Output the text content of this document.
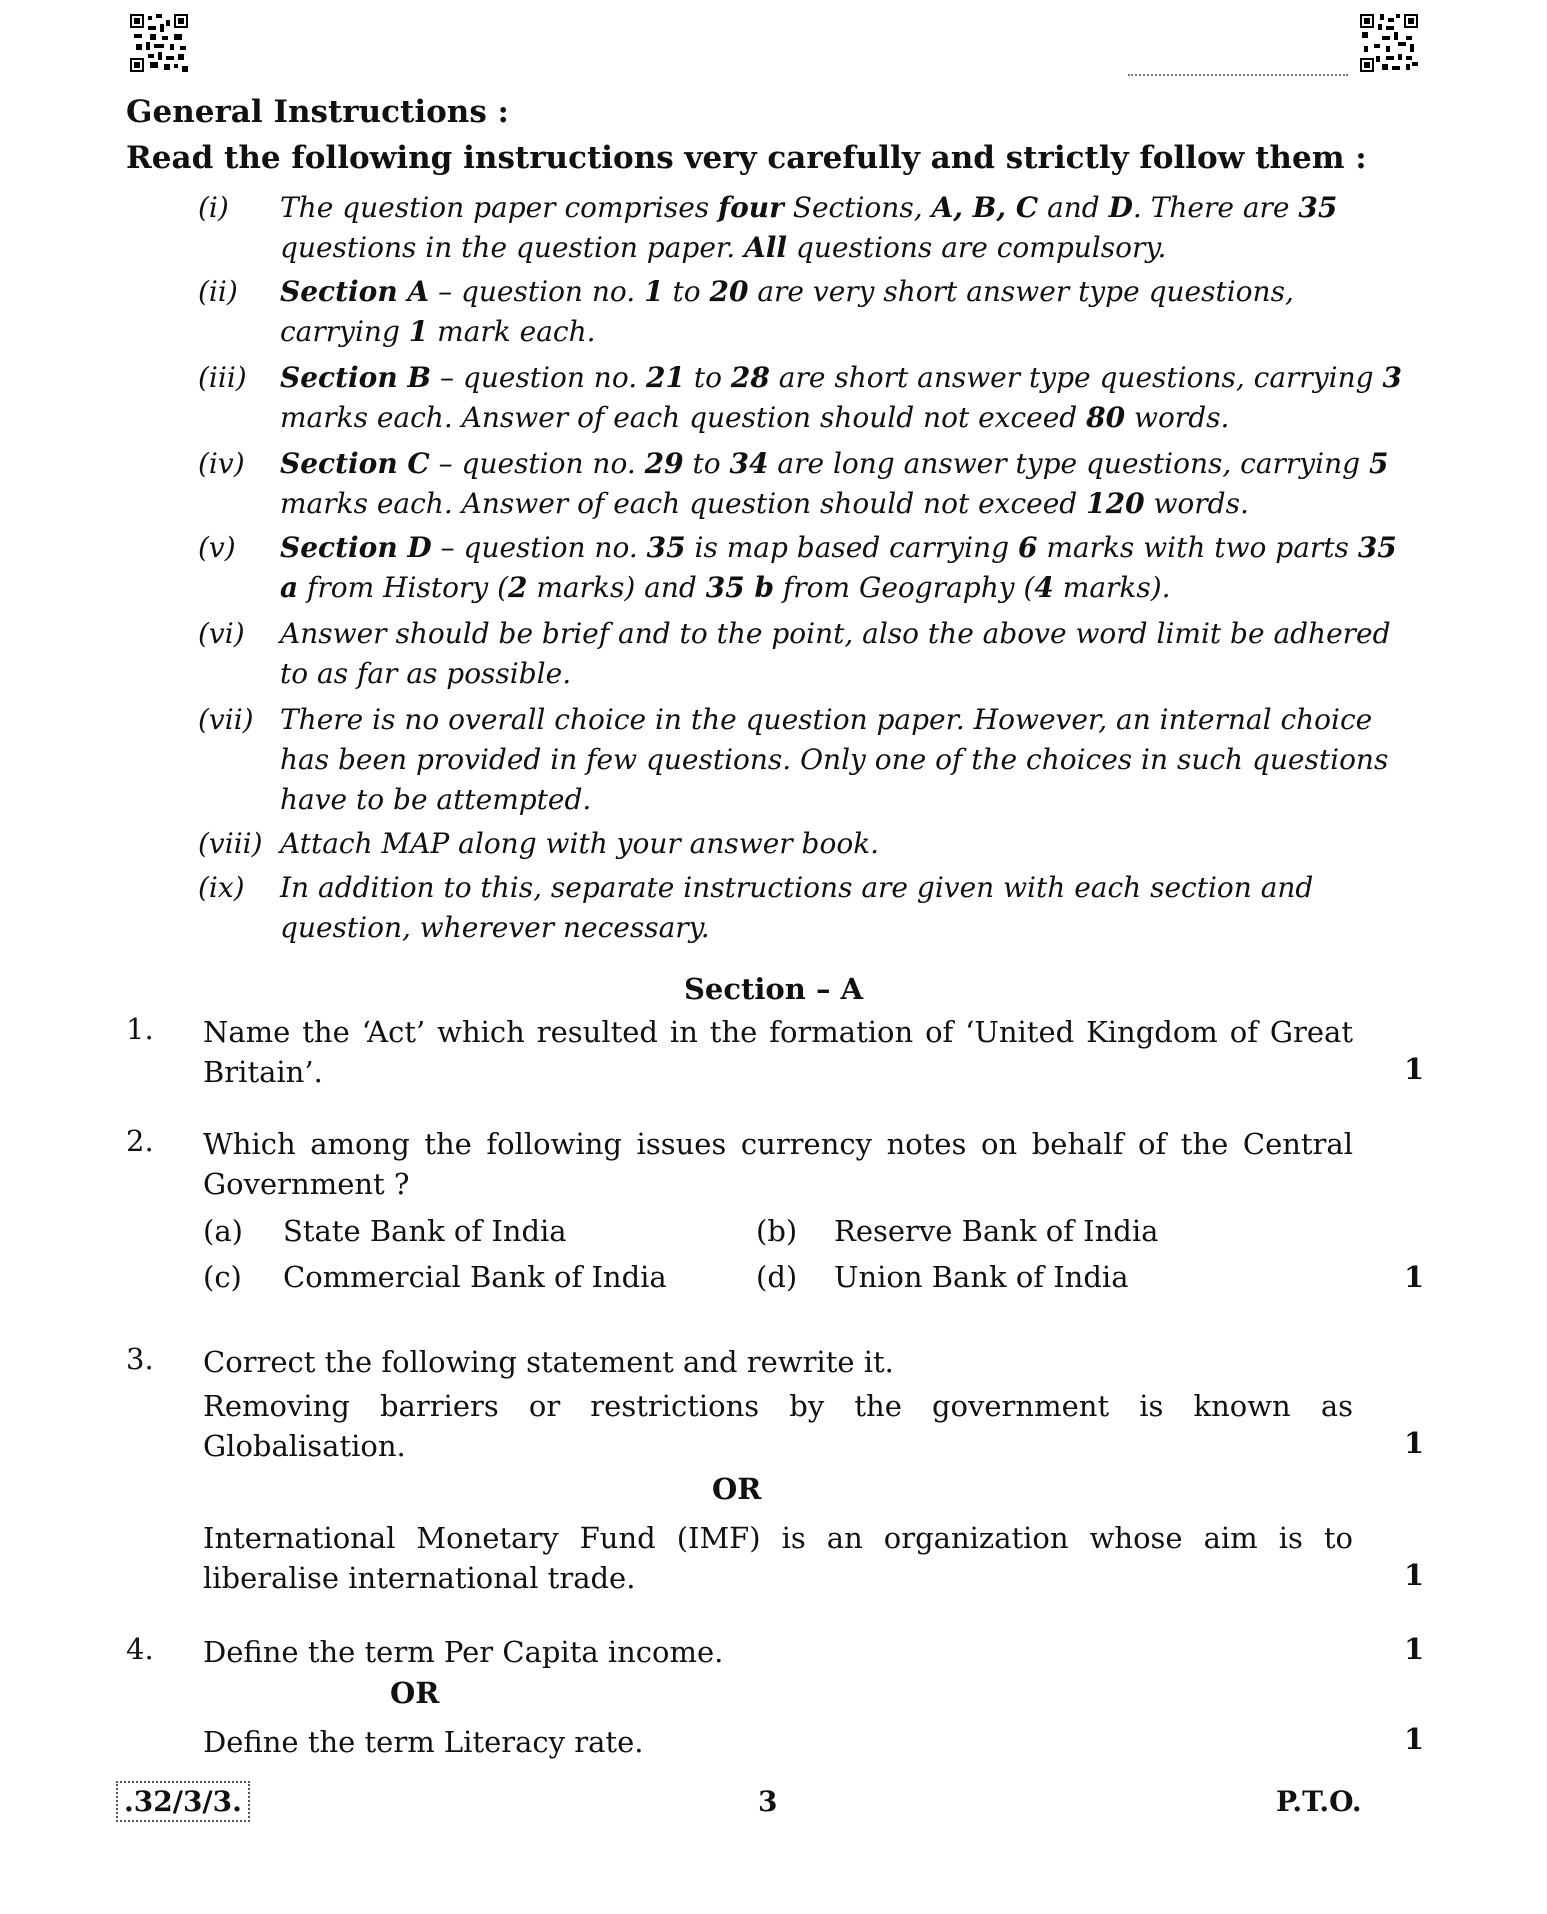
General Instructions :
Read the following instructions very carefully and strictly follow them :
(i) The question paper comprises four Sections, A, B, C and D. There are 35 questions in the question paper. All questions are compulsory.
(ii) Section A – question no. 1 to 20 are very short answer type questions, carrying 1 mark each.
(iii) Section B – question no. 21 to 28 are short answer type questions, carrying 3 marks each. Answer of each question should not exceed 80 words.
(iv) Section C – question no. 29 to 34 are long answer type questions, carrying 5 marks each. Answer of each question should not exceed 120 words.
(v) Section D – question no. 35 is map based carrying 6 marks with two parts 35 a from History (2 marks) and 35 b from Geography (4 marks).
(vi) Answer should be brief and to the point, also the above word limit be adhered to as far as possible.
(vii) There is no overall choice in the question paper. However, an internal choice has been provided in few questions. Only one of the choices in such questions have to be attempted.
(viii) Attach MAP along with your answer book.
(ix) In addition to this, separate instructions are given with each section and question, wherever necessary.
Section – A
1. Name the ‘Act’ which resulted in the formation of ‘United Kingdom of Great Britain’.	1
2. Which among the following issues currency notes on behalf of the Central Government ?
(a) State Bank of India	(b) Reserve Bank of India
(c) Commercial Bank of India	(d) Union Bank of India	1
3. Correct the following statement and rewrite it.
Removing barriers or restrictions by the government is known as Globalisation.	1
OR
International Monetary Fund (IMF) is an organization whose aim is to liberalise international trade.	1
4. Define the term Per Capita income.	1
OR
Define the term Literacy rate.	1
.32/3/3.	3	P.T.O.
